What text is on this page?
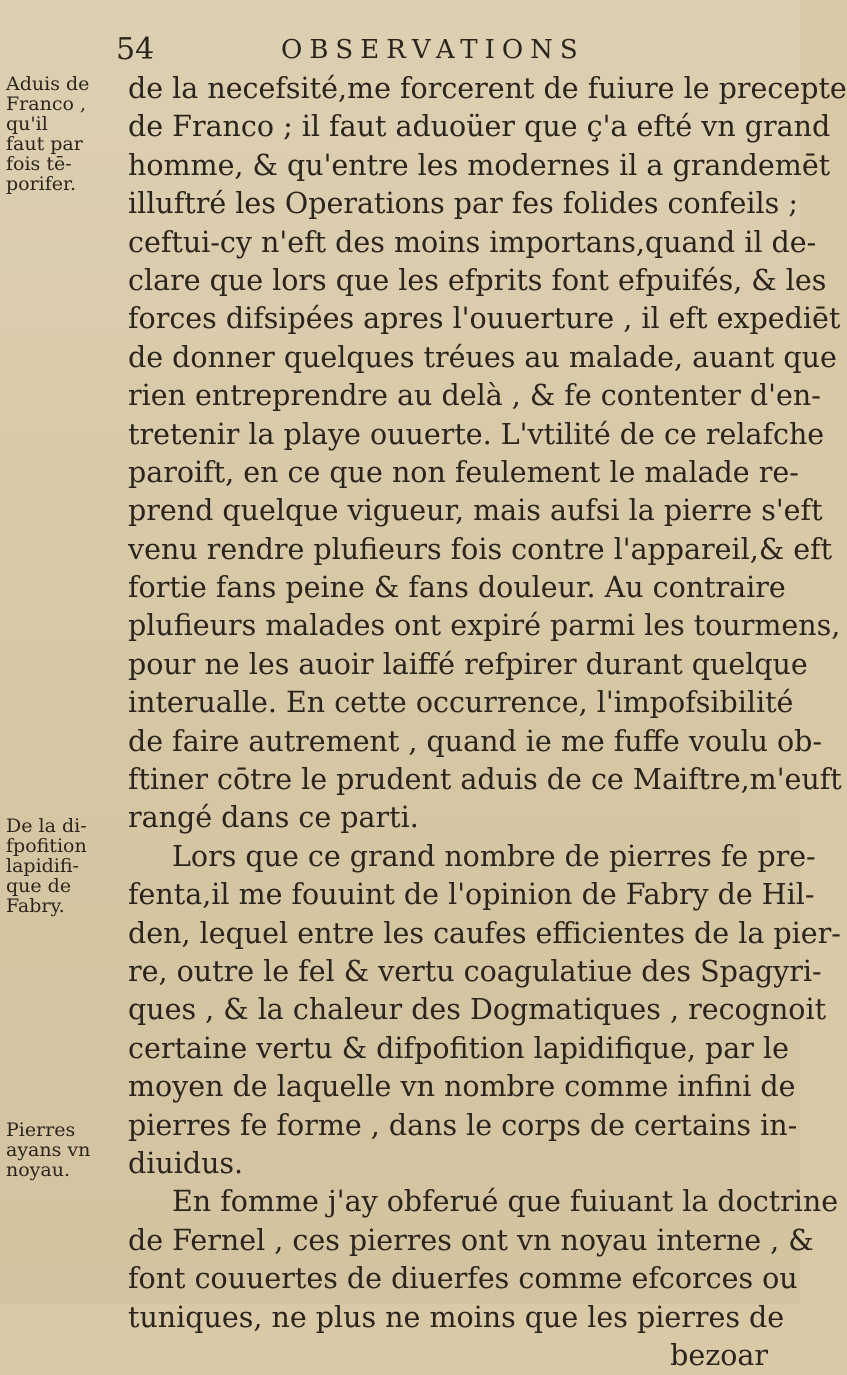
54	OBSERVATIONS
Aduis de
Franco ,
qu'il
faut par
fois tē-
porifer.
De la di-
fpofition
lapidifi-
que de
Fabry.
Pierres
ayans vn
noyau.
de la necefsité,me forcerent de fuiure le precepte
de Franco ; il faut aduoüer que ç'a efté vn grand
homme, & qu'entre les modernes il a grandemēt
illuftré les Operations par fes folides confeils ;
ceftui-cy n'eft des moins importans,quand il de-
clare que lors que les efprits font efpuifés, & les
forces difsipées apres l'ouuerture , il eft expediēt
de donner quelques tréues au malade, auant que
rien entreprendre au delà , & fe contenter d'en-
tretenir la playe ouuerte. L'vtilité de ce relafche
paroift, en ce que non feulement le malade re-
prend quelque vigueur, mais aufsi la pierre s'eft
venu rendre plufieurs fois contre l'appareil,& eft
fortie fans peine & fans douleur. Au contraire
plufieurs malades ont expiré parmi les tourmens,
pour ne les auoir laiffé refpirer durant quelque
interualle. En cette occurrence, l'impofsibilité
de faire autrement , quand ie me fuffe voulu ob-
ftiner cōtre le prudent aduis de ce Maiftre,m'euft
rangé dans ce parti.
Lors que ce grand nombre de pierres fe pre-
fenta,il me fouuint de l'opinion de Fabry de Hil-
den, lequel entre les caufes efficientes de la pier-
re, outre le fel & vertu coagulatiue des Spagyri-
ques , & la chaleur des Dogmatiques , recognoit
certaine vertu & difpofition lapidifique, par le
moyen de laquelle vn nombre comme infini de
pierres fe forme , dans le corps de certains in-
diuidus.
En fomme j'ay obferué que fuiuant la doctrine
de Fernel , ces pierres ont vn noyau interne , &
font couuertes de diuerfes comme efcorces ou
tuniques, ne plus ne moins que les pierres de
bezoar
